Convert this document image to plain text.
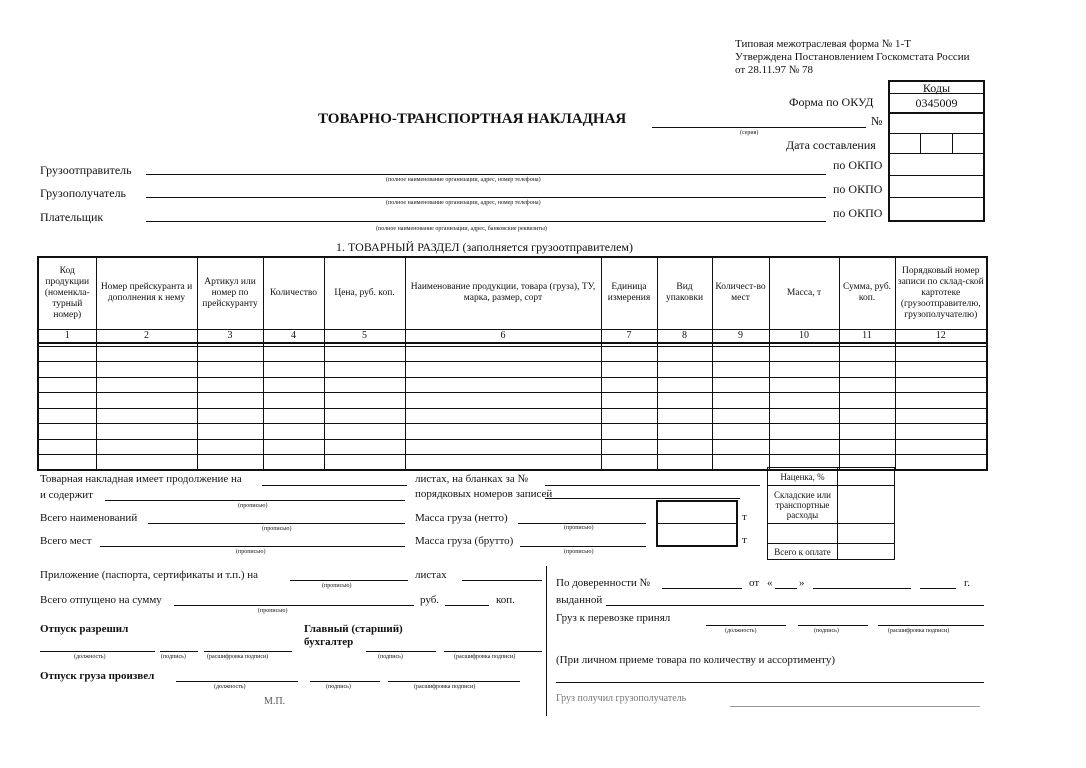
Типовая межотраслевая форма № 1-Т
Утверждена Постановлением Госкомстата России
от 28.11.97 № 78
Коды
0345009
Форма по ОКУД
№
Дата составления
по ОКПО
по ОКПО
по ОКПО
ТОВАРНО-ТРАНСПОРТНАЯ НАКЛАДНАЯ
(серия)
Грузоотправитель
(полное наименование организации, адрес, номер телефона)
Грузополучатель
(полное наименование организации, адрес, номер телефона)
Плательщик
(полное наименование организации, адрес, банковские реквизиты)
1. ТОВАРНЫЙ РАЗДЕЛ (заполняется грузоотправителем)
Код продукции (номенкла-турный номер)	Номер прейскуранта и дополнения к нему	Артикул или номер по прейскуранту	Количество	Цена, руб. коп.	Наименование продукции, товара (груза), ТУ, марка, размер, сорт	Единица измерения	Вид упаковки	Количест-во мест	Масса, т	Сумма, руб. коп.	Порядковый номер записи по склад-ской картотеке (грузоотправителю, грузополучателю)
1	2	3	4	5	6	7	8	9	10	11	12

Наценка, %	
Складские или транспортные расходы	

Всего к оплате	
Товарная накладная имеет продолжение на	листах, на бланках за №
и содержит
(прописью)
порядковых номеров записей
Всего наименований
(прописью)
Масса груза (нетто)
(прописью)
т
т
Всего мест
(прописью)
Масса груза (брутто)
(прописью)
Приложение (паспорта, сертификаты и т.п.) на
(прописью)
листах
Всего отпущено на сумму
(прописью)
руб.	коп.
Отпуск разрешил	Главный (старший) бухгалтер
(должность)	(подпись)	(расшифровка подписи)	(подпись)	(расшифровка подписи)
Отпуск груза произвел
(должность)	(подпись)	(расшифровка подписи)
М.П.
По доверенности №	от « »	г.
выданной
Груз к перевозке принял
(должность)	(подпись)	(расшифровка подписи)
(При личном приеме товара по количеству и ассортименту)
Груз получил грузополучатель
